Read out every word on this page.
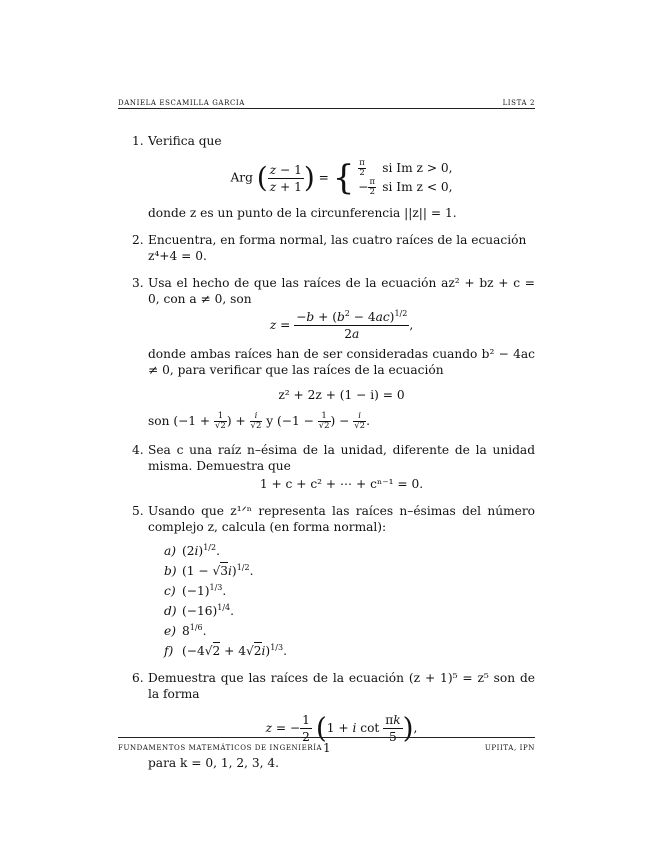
DANIELA ESCAMILLA GARCIA	LISTA 2
1. Verifica que
Arg ( $\frac{z - 1}{z + 1}$ ) = { $\frac{\pi}{2}$ si Im z > 0,
− $\frac{\pi}{2}$ si Im z < 0,
donde z es un punto de la circunferencia ||z|| = 1.
2. Encuentra, en forma normal, las cuatro raíces de la ecuación z⁴+4 = 0.
3. Usa el hecho de que las raíces de la ecuación az² + bz + c = 0, con a ≠ 0, son
$z = \frac{-b + (b^2 - 4ac)^{1/2}}{2a}$ ,
donde ambas raíces han de ser consideradas cuando b² − 4ac ≠ 0, para verificar que las raíces de la ecuación
z² + 2z + (1 − i) = 0
son ($-1 + \frac{1}{√2}$ ) + $\frac{i}{√2}$ y ($-1 - \frac{1}{√2}$ ) − $\frac{i}{√2}$ .
4. Sea c una raíz n–ésima de la unidad, diferente de la unidad misma. Demuestra que
1 + c + c² + ⋯ + cⁿ⁻¹ = 0.
5. Usando que z¹ᐟⁿ representa las raíces n–ésimas del número complejo z, calcula (en forma normal):
a) $(2i)^{1/2}$.
b) $(1 - √3i)^{1/2}$.
c) $(-1)^{1/3}$.
d) $(-16)^{1/4}$.
e) $8^{1/6}$.
f) $(-4√2 + 4√2i)^{1/3}$.
6. Demuestra que las raíces de la ecuación (z + 1)⁵ = z⁵ son de la forma
z = − $\frac{1}{2} (1 + i$ $\cot \frac{\pi k}{5}$ ),
para k = 0, 1, 2, 3, 4.
FUNDAMENTOS MATEMÁTICOS DE INGENIERÍA 1	UPIITA, IPN
